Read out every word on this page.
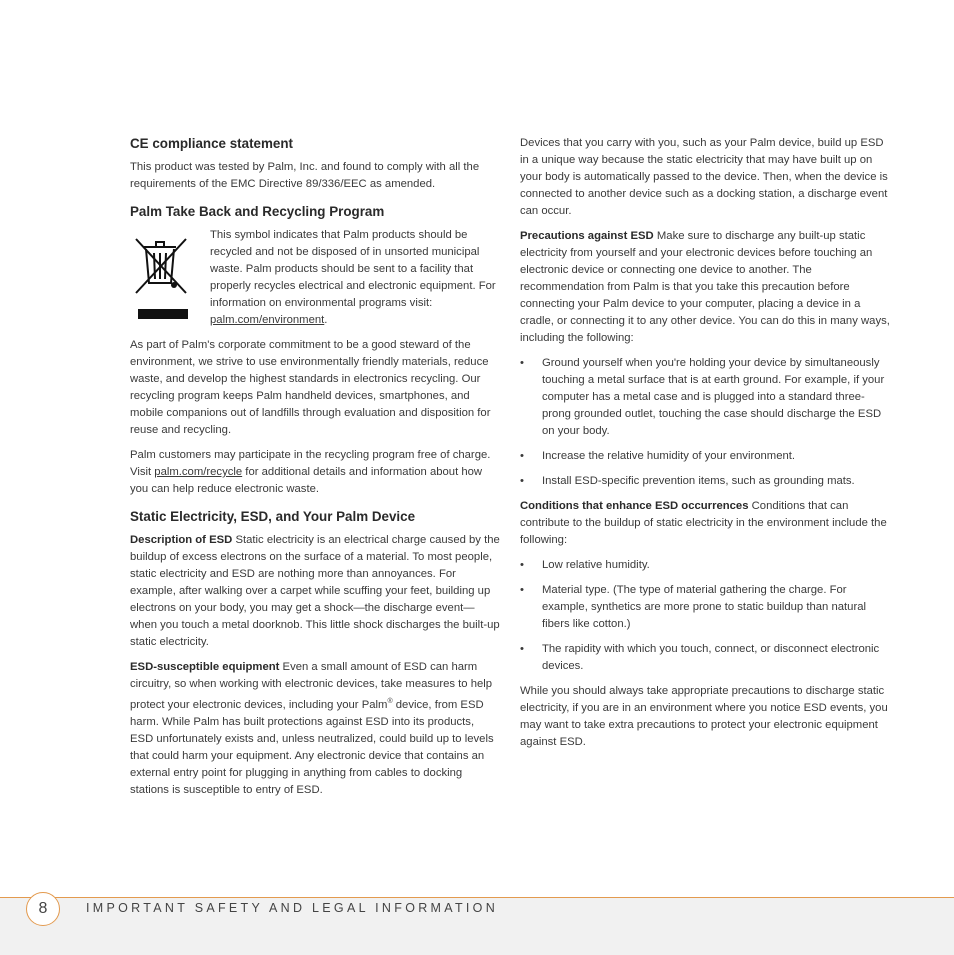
CE compliance statement

This product was tested by Palm, Inc. and found to comply with all the requirements of the EMC Directive 89/336/EEC as amended.

Palm Take Back and Recycling Program
This symbol indicates that Palm products should be recycled and not be disposed of in unsorted municipal waste. Palm products should be sent to a facility that properly recycles electrical and electronic equipment. For information on environmental programs visit:
palm.com/environment.

As part of Palm's corporate commitment to be a good steward of the environment, we strive to use environmentally friendly materials, reduce waste, and develop the highest standards in electronics recycling. Our recycling program keeps Palm handheld devices, smartphones, and mobile companions out of landfills through evaluation and disposition for reuse and recycling.

Palm customers may participate in the recycling program free of charge. Visit palm.com/recycle for additional details and information about how you can help reduce electronic waste.

Static Electricity, ESD, and Your Palm Device

Description of ESD Static electricity is an electrical charge caused by the buildup of excess electrons on the surface of a material. To most people, static electricity and ESD are nothing more than annoyances. For example, after walking over a carpet while scuffing your feet, building up electrons on your body, you may get a shock—the discharge event—when you touch a metal doorknob. This little shock discharges the built-up static electricity.

ESD-susceptible equipment Even a small amount of ESD can harm circuitry, so when working with electronic devices, take measures to help protect your electronic devices, including your Palm® device, from ESD harm. While Palm has built protections against ESD into its products, ESD unfortunately exists and, unless neutralized, could build up to levels that could harm your equipment. Any electronic device that contains an external entry point for plugging in anything from cables to docking stations is susceptible to entry of ESD.

Devices that you carry with you, such as your Palm device, build up ESD in a unique way because the static electricity that may have built up on your body is automatically passed to the device. Then, when the device is connected to another device such as a docking station, a discharge event can occur.

Precautions against ESD Make sure to discharge any built-up static electricity from yourself and your electronic devices before touching an electronic device or connecting one device to another. The recommendation from Palm is that you take this precaution before connecting your Palm device to your computer, placing a device in a cradle, or connecting it to any other device. You can do this in many ways, including the following:

• Ground yourself when you're holding your device by simultaneously touching a metal surface that is at earth ground. For example, if your computer has a metal case and is plugged into a standard three-prong grounded outlet, touching the case should discharge the ESD on your body.
• Increase the relative humidity of your environment.
• Install ESD-specific prevention items, such as grounding mats.

Conditions that enhance ESD occurrences Conditions that can contribute to the buildup of static electricity in the environment include the following:

• Low relative humidity.
• Material type. (The type of material gathering the charge. For example, synthetics are more prone to static buildup than natural fibers like cotton.)
• The rapidity with which you touch, connect, or disconnect electronic devices.

While you should always take appropriate precautions to discharge static electricity, if you are in an environment where you notice ESD events, you may want to take extra precautions to protect your electronic equipment against ESD.

8	IMPORTANT SAFETY AND LEGAL INFORMATION
